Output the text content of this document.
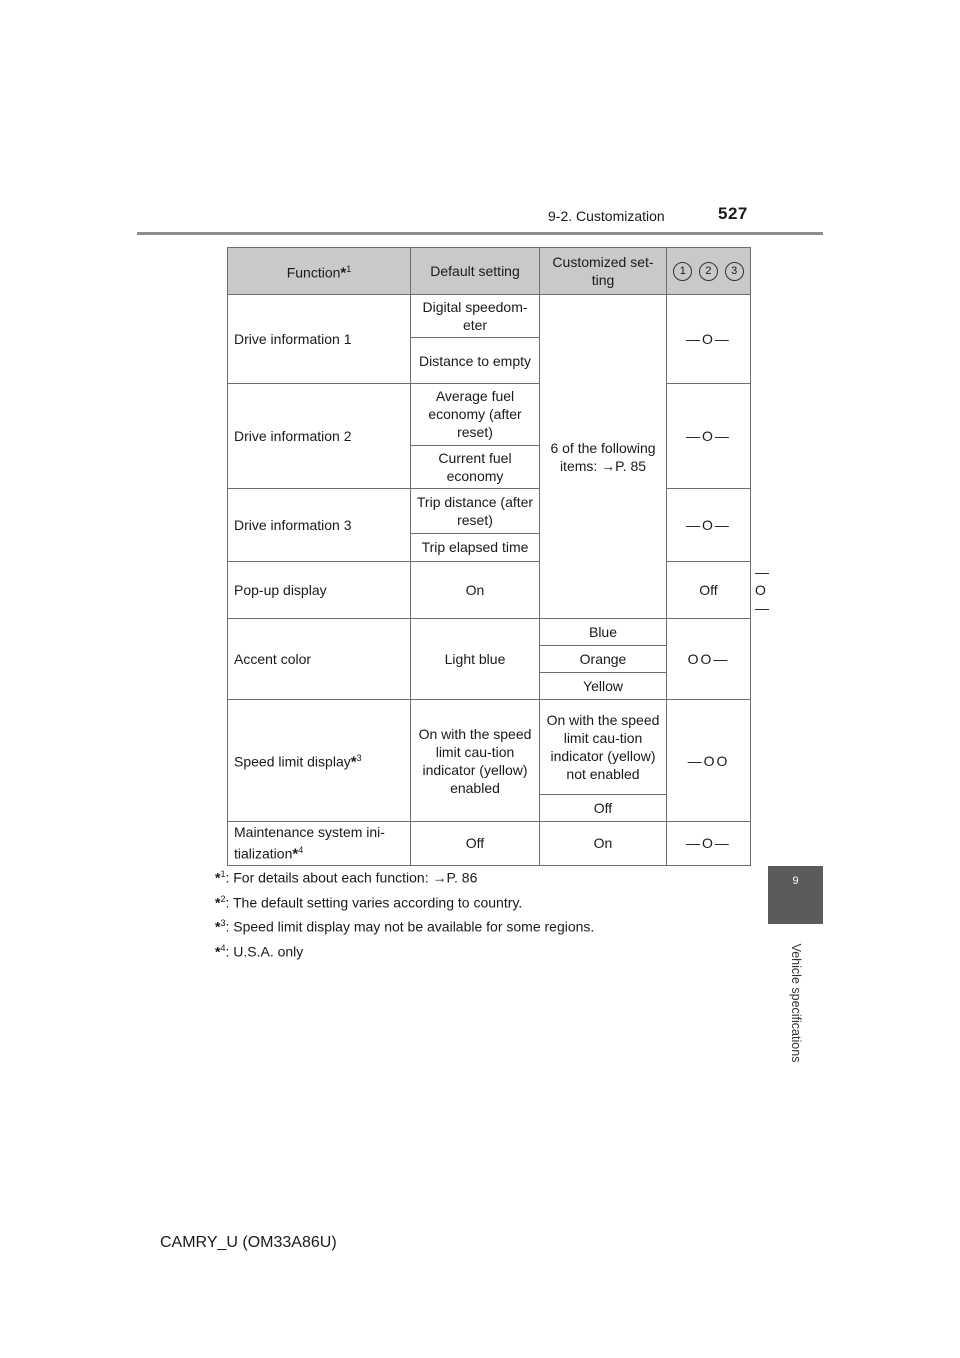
9-2. Customization	527
9
Vehicle specifications
Function*$^1$	Default setting	Customized set-ting	1 2 3	

Drive information 1	Digital speedom-eter	6 of the following items: →P. 85	—O—	
	Distance to empty			
Drive information 2	Average fuel economy (after reset)		—O—	
	Current fuel economy			
Drive information 3	Trip distance (after reset)		—O—	
	Trip elapsed time			
Pop-up display	On		Off	—O—
Accent color	Light blue	Blue	OO—	
		Orange		
		Yellow		
Speed limit display*$^3$	On with the speed limit cau-tion indicator (yellow) enabled	On with the speed limit cau-tion indicator (yellow) not enabled	—OO	
		Off		
Maintenance system ini-tialization*$^4$	Off	On	—O—	
*$^1$: For details about each function: →P. 86
*$^2$: The default setting varies according to country.
*$^3$: Speed limit display may not be available for some regions.
*$^4$: U.S.A. only
CAMRY_U (OM33A86U)
